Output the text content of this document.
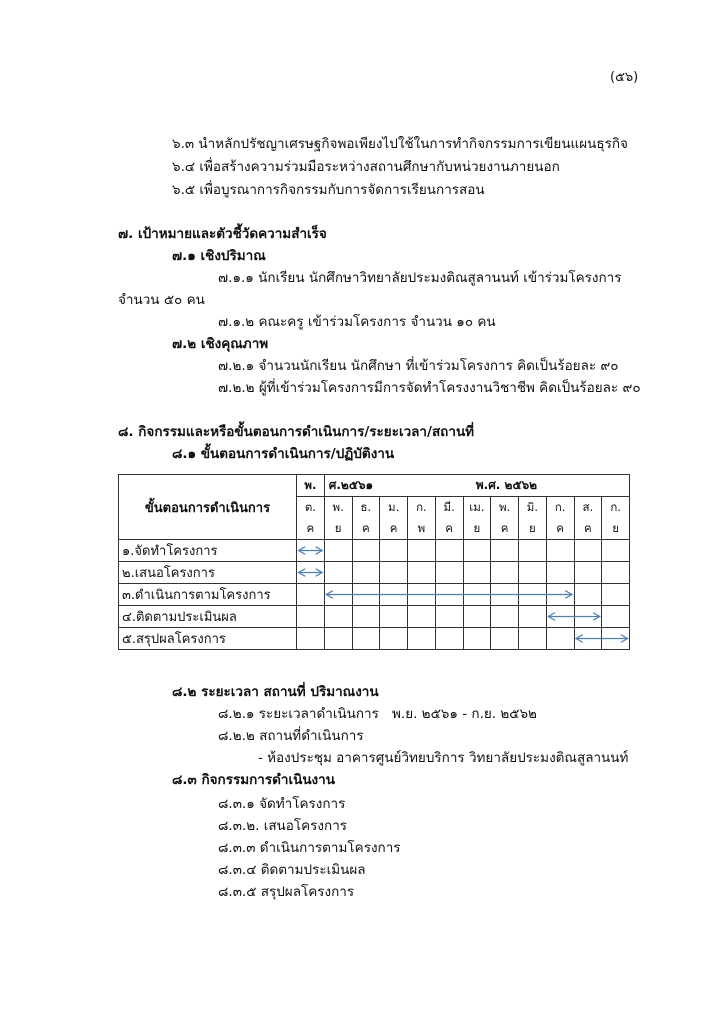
(๕๖)
๖.๓ นำหลักปรัชญาเศรษฐกิจพอเพียงไปใช้ในการทำกิจกรรมการเขียนแผนธุรกิจ
๖.๔ เพื่อสร้างความร่วมมือระหว่างสถานศึกษากับหน่วยงานภายนอก
๖.๕ เพื่อบูรณาการกิจกรรมกับการจัดการเรียนการสอน
๗. เป้าหมายและตัวชี้วัดความสำเร็จ
๗.๑ เชิงปริมาณ
๗.๑.๑ นักเรียน นักศึกษาวิทยาลัยประมงติณสูลานนท์ เข้าร่วมโครงการ
จำนวน ๕๐ คน
๗.๑.๒ คณะครู เข้าร่วมโครงการ จำนวน ๑๐ คน
๗.๒ เชิงคุณภาพ
๗.๒.๑ จำนวนนักเรียน นักศึกษา ที่เข้าร่วมโครงการ คิดเป็นร้อยละ ๙๐
๗.๒.๒ ผู้ที่เข้าร่วมโครงการมีการจัดทำโครงงานวิชาชีพ คิดเป็นร้อยละ ๙๐
๘. กิจกรรมและหรือขั้นตอนการดำเนินการ/ระยะเวลา/สถานที่
๘.๑ ขั้นตอนการดำเนินการ/ปฏิบัติงาน
ขั้นตอนการดำเนินการ	พ.	ศ.๒๕๖๑		พ.ศ. ๒๕๖๒								
	ต.	พ.	ธ.	ม.	ก.	มี.	เม.	พ.	มิ.	ก.	ส.	ก.
	ค	ย	ค	ค	พ	ค	ย	ค	ย	ค	ค	ย
๑.จัดทำโครงการ												
๒.เสนอโครงการ												
๓.ดำเนินการตามโครงการ												
๔.ติดตามประเมินผล												
๕.สรุปผลโครงการ												
๘.๒ ระยะเวลา สถานที่ ปริมาณงาน
๘.๒.๑ ระยะเวลาดำเนินการ พ.ย. ๒๕๖๑ - ก.ย. ๒๕๖๒
๘.๒.๒ สถานที่ดำเนินการ
- ห้องประชุม อาคารศูนย์วิทยบริการ วิทยาลัยประมงติณสูลานนท์
๘.๓ กิจกรรมการดำเนินงาน
๘.๓.๑ จัดทำโครงการ
๘.๓.๒. เสนอโครงการ
๘.๓.๓ ดำเนินการตามโครงการ
๘.๓.๔ ติดตามประเมินผล
๘.๓.๕ สรุปผลโครงการ
